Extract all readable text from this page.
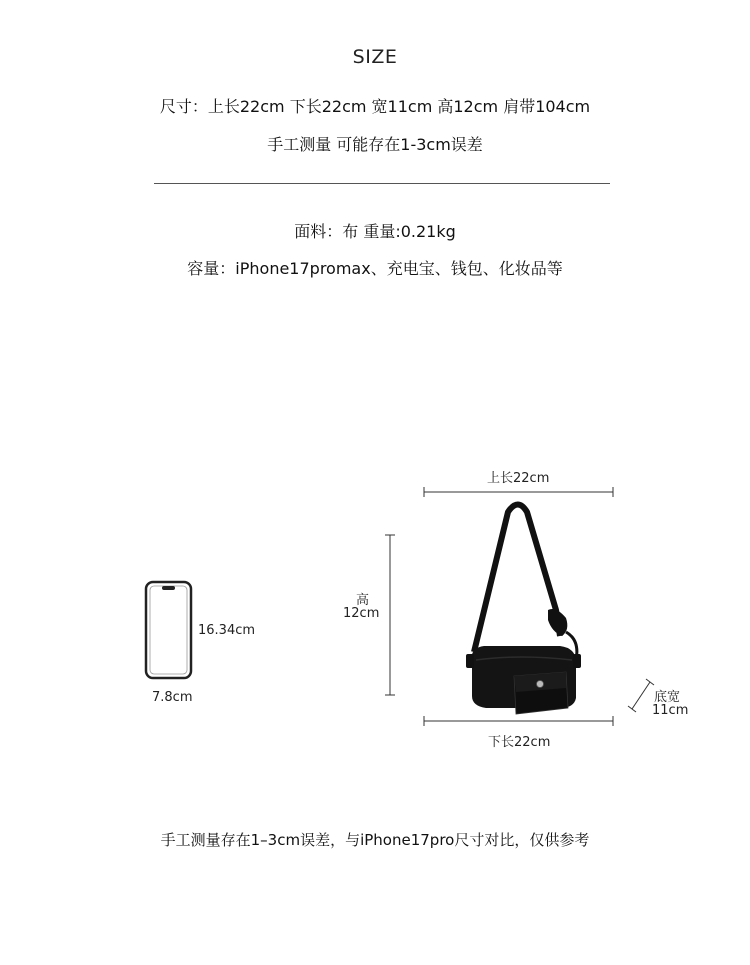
SIZE
尺寸：上长22cm 下长22cm 宽11cm 高12cm 肩带104cm
手工测量 可能存在1-3cm误差
面料：布 重量:0.21kg
容量：iPhone17promax、充电宝、钱包、化妆品等
16.34cm
7.8cm
上长22cm
高
12cm
底宽
11cm
下长22cm
手工测量存在1–3cm误差，与iPhone17pro尺寸对比，仅供参考
